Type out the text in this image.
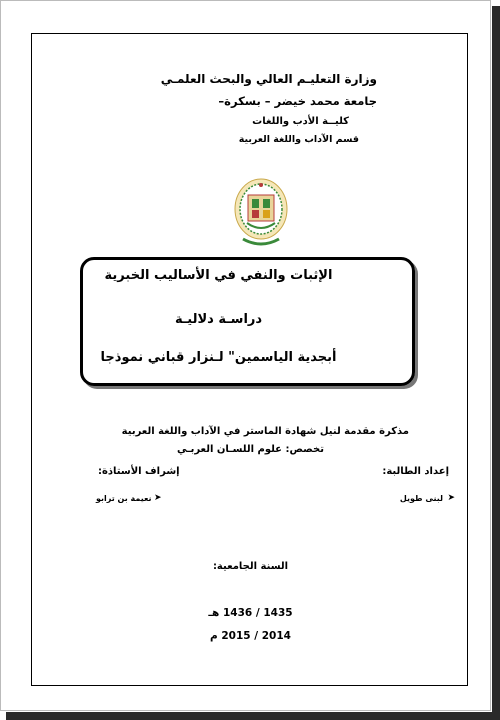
وزارة التعليـم العالي والبحث العلمـي
جامعة محمد خيضر – بسكرة–
كليــة الأدب واللغات
قسم الآداب واللغة العربية
الإثبات والنفي في الأساليب الخبرية
دراسـة دلاليـة
أبجدية الياسمين" لـنزار قباني نموذجا
مذكرة مقدمة لنيل شهادة الماستر في الآداب واللغة العربية
تخصص: علوم اللسـان العربـي
إعداد الطالبة:
إشراف الأستاذة:
➤
لبنى طويل
➤
نعيمة بن ترابو
السنة الجامعية:
1435 / 1436 هـ
2014 / 2015 م
